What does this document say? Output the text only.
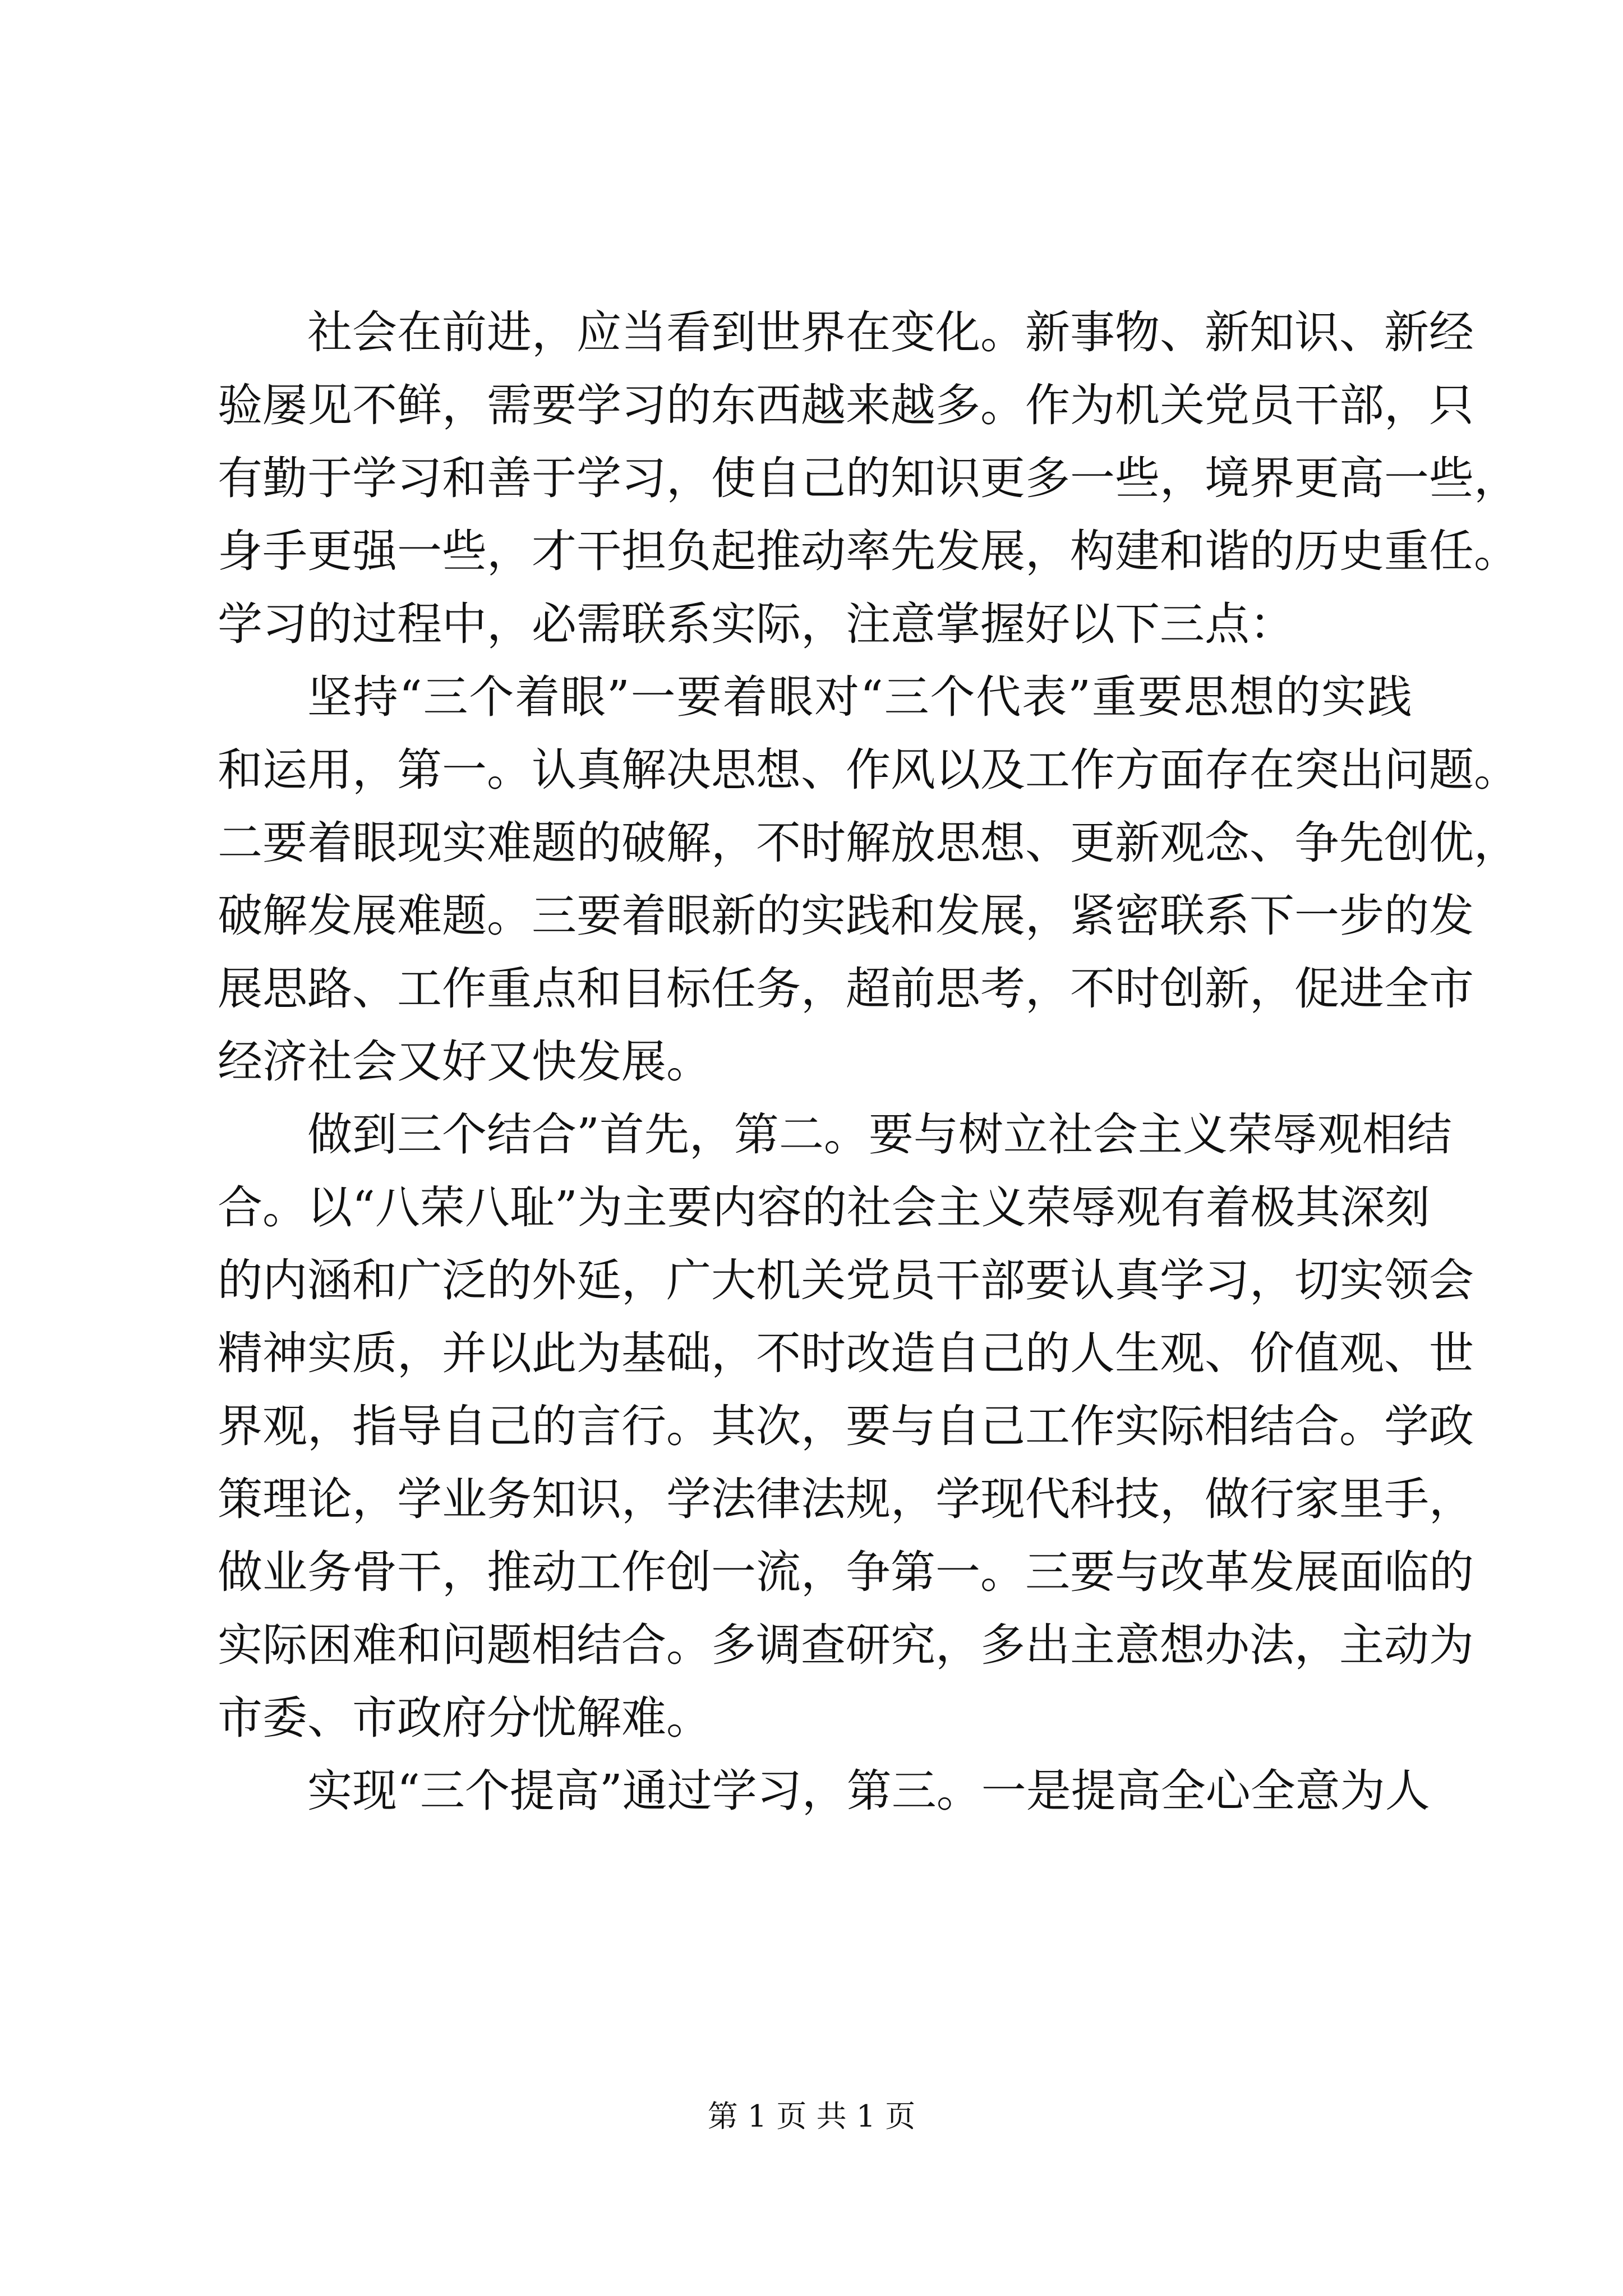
社会在前进，应当看到世界在变化。新事物、新知识、新经
验屡见不鲜，需要学习的东西越来越多。作为机关党员干部，只
有勤于学习和善于学习，使自己的知识更多一些，境界更高一些，
身手更强一些，才干担负起推动率先发展，构建和谐的历史重任。
学习的过程中，必需联系实际，注意掌握好以下三点：
坚持“三个着眼”一要着眼对“三个代表”重要思想的实践
和运用，第一。认真解决思想、作风以及工作方面存在突出问题。
二要着眼现实难题的破解，不时解放思想、更新观念、争先创优，
破解发展难题。三要着眼新的实践和发展，紧密联系下一步的发
展思路、工作重点和目标任务，超前思考，不时创新，促进全市
经济社会又好又快发展。
做到三个结合”首先，第二。要与树立社会主义荣辱观相结
合。以“八荣八耻”为主要内容的社会主义荣辱观有着极其深刻
的内涵和广泛的外延，广大机关党员干部要认真学习，切实领会
精神实质，并以此为基础，不时改造自己的人生观、价值观、世
界观，指导自己的言行。其次，要与自己工作实际相结合。学政
策理论，学业务知识，学法律法规，学现代科技，做行家里手，
做业务骨干，推动工作创一流，争第一。三要与改革发展面临的
实际困难和问题相结合。多调查研究，多出主意想办法，主动为
市委、市政府分忧解难。
实现“三个提高”通过学习，第三。一是提高全心全意为人
第 1 页 共 1 页
